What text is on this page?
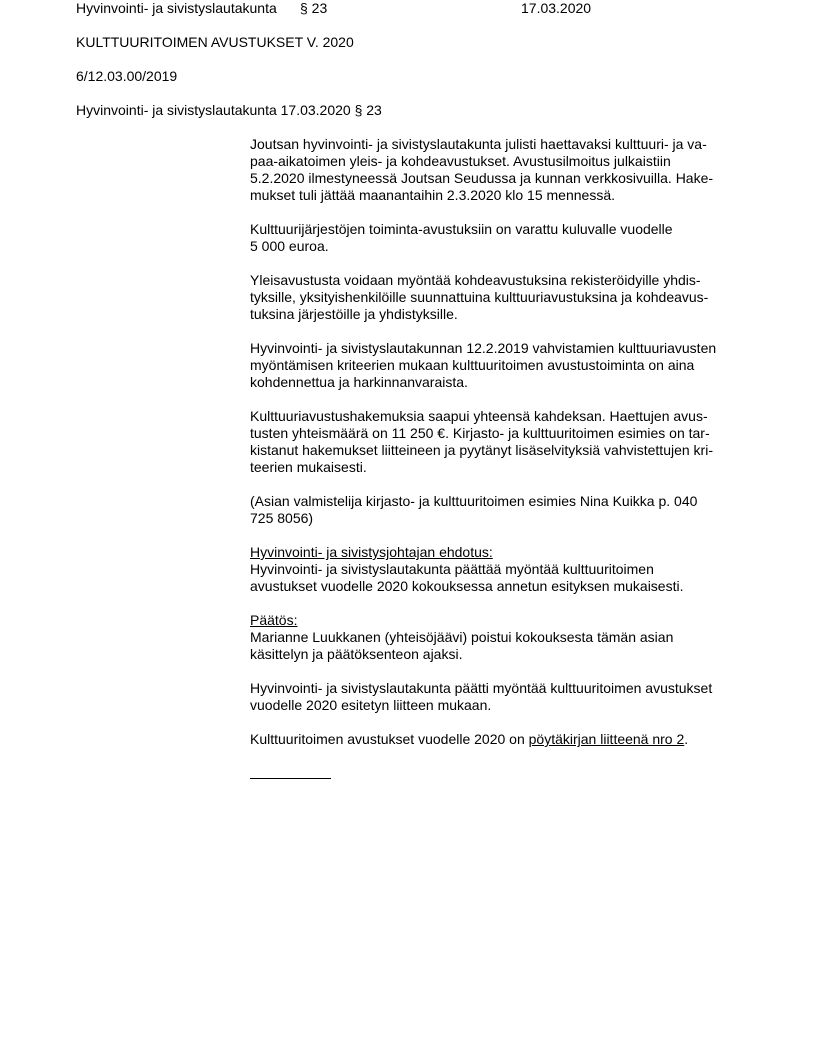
Hyvinvointi- ja sivistyslautakunta § 23	17.03.2020
KULTTUURITOIMEN AVUSTUKSET V. 2020
6/12.03.00/2019
Hyvinvointi- ja sivistyslautakunta 17.03.2020 § 23
Joutsan hyvinvointi- ja sivistyslautakunta julisti haettavaksi kulttuuri- ja va-
paa-aikatoimen yleis- ja kohdeavustukset. Avustusilmoitus julkaistiin
5.2.2020 ilmestyneessä Joutsan Seudussa ja kunnan verkkosivuilla. Hake-
mukset tuli jättää maanantaihin 2.3.2020 klo 15 mennessä.
Kulttuurijärjestöjen toiminta-avustuksiin on varattu kuluvalle vuodelle
5 000 euroa.
Yleisavustusta voidaan myöntää kohdeavustuksina rekisteröidyille yhdis-
tyksille, yksityishenkilöille suunnattuina kulttuuriavustuksina ja kohdeavus-
tuksina järjestöille ja yhdistyksille.
Hyvinvointi- ja sivistyslautakunnan 12.2.2019 vahvistamien kulttuuriavusten
myöntämisen kriteerien mukaan kulttuuritoimen avustustoiminta on aina
kohdennettua ja harkinnanvaraista.
Kulttuuriavustushakemuksia saapui yhteensä kahdeksan. Haettujen avus-
tusten yhteismäärä on 11 250 €. Kirjasto- ja kulttuuritoimen esimies on tar-
kistanut hakemukset liitteineen ja pyytänyt lisäselvityksiä vahvistettujen kri-
teerien mukaisesti.
(Asian valmistelija kirjasto- ja kulttuuritoimen esimies Nina Kuikka p. 040
725 8056)
Hyvinvointi- ja sivistysjohtajan ehdotus:
Hyvinvointi- ja sivistyslautakunta päättää myöntää kulttuuritoimen
avustukset vuodelle 2020 kokouksessa annetun esityksen mukaisesti.
Päätös:
Marianne Luukkanen (yhteisöjäävi) poistui kokouksesta tämän asian
käsittelyn ja päätöksenteon ajaksi.
Hyvinvointi- ja sivistyslautakunta päätti myöntää kulttuuritoimen avustukset
vuodelle 2020 esitetyn liitteen mukaan.
Kulttuuritoimen avustukset vuodelle 2020 on pöytäkirjan liitteenä nro 2.
